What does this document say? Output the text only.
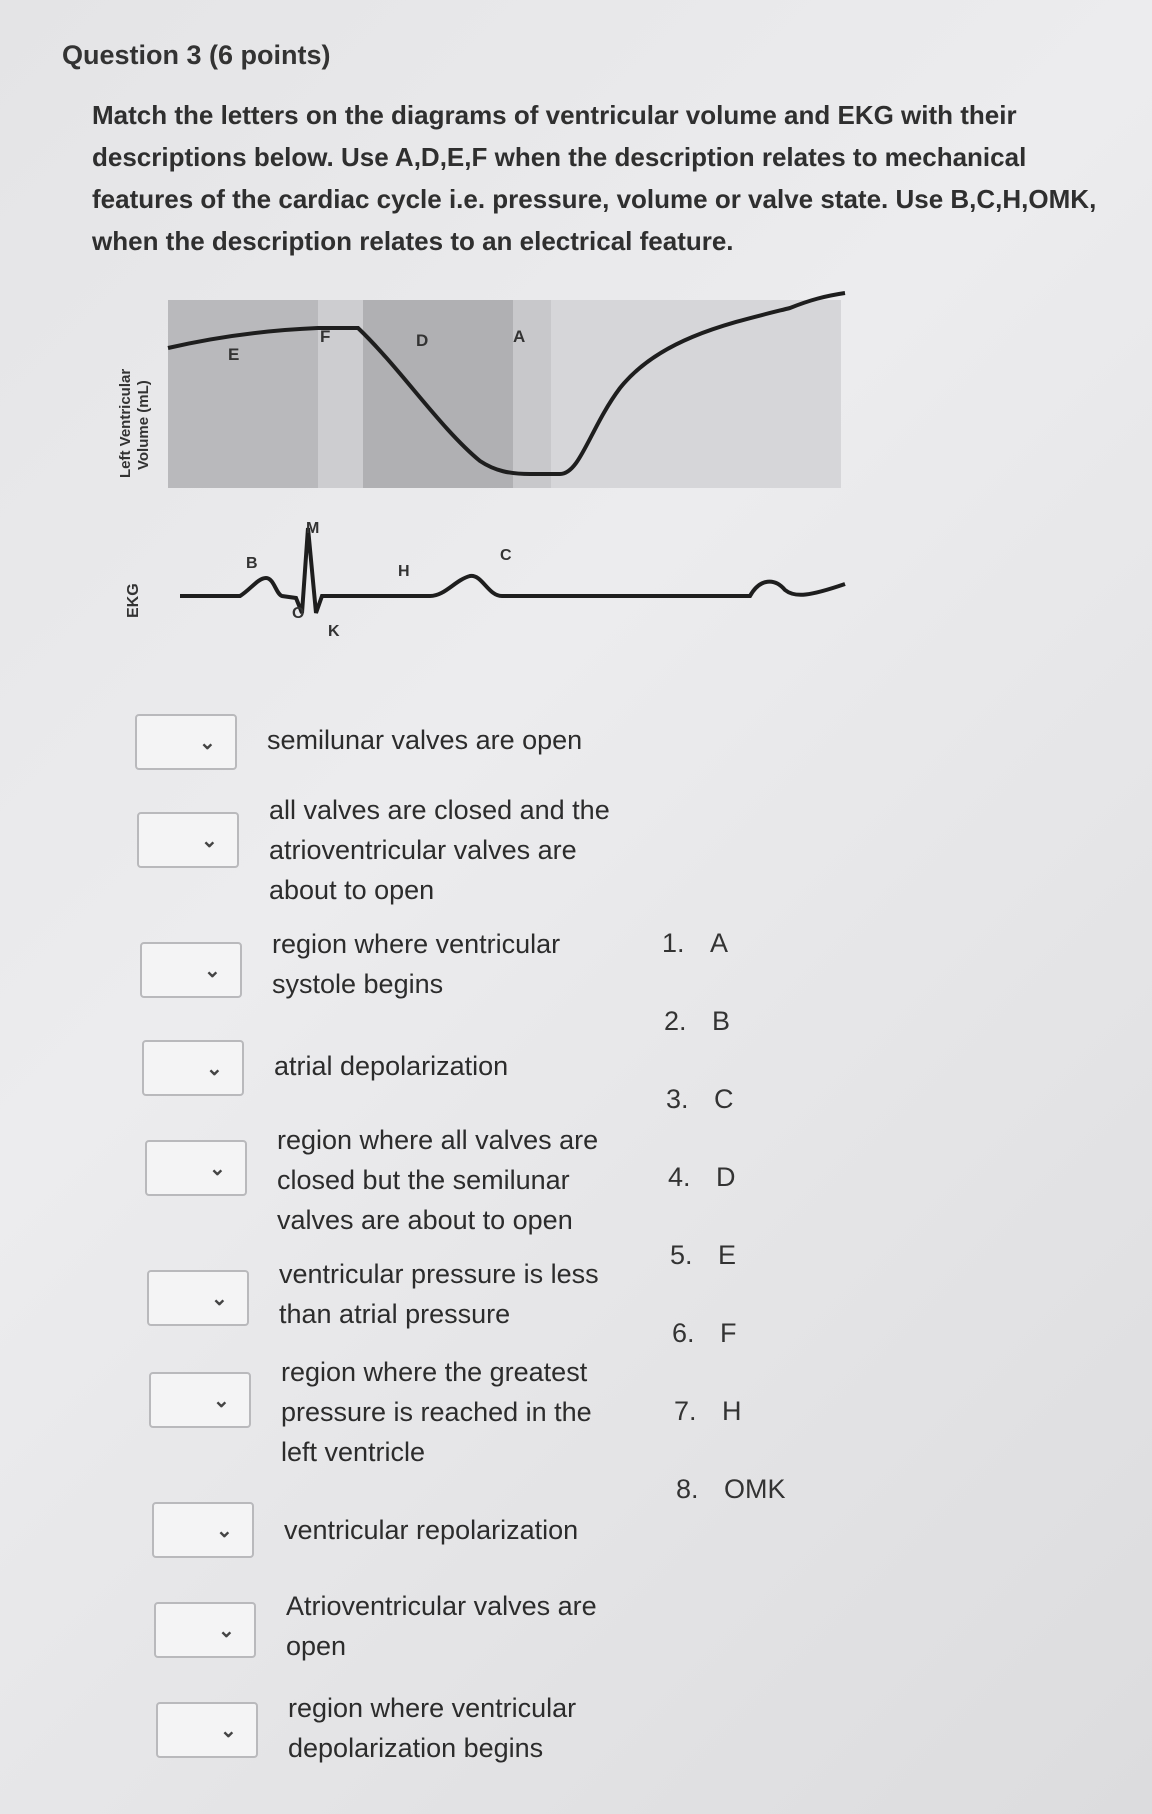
Question 3 (6 points)
Match the letters on the diagrams of ventricular volume and EKG with their descriptions below. Use A,D,E,F when the description relates to mechanical features of the cardiac cycle i.e. pressure, volume or valve state. Use B,C,H,OMK, when the description relates to an electrical feature.
Left Ventricular Volume (mL)
EKG
E
F	D	A
B
M
O
K
H
C
⌄ semilunar valves are open
⌄
all valves are closed and the atrioventricular valves are about to open
⌄
region where ventricular systole begins
⌄ atrial depolarization
⌄
region where all valves are closed but the semilunar valves are about to open
⌄
ventricular pressure is less than atrial pressure
⌄
region where the greatest pressure is reached in the left ventricle
⌄ ventricular repolarization
⌄
Atrioventricular valves are open
⌄
region where ventricular depolarization begins
1. A
2. B
3. C
4. D
5. E
6. F
7. H
8. OMK
